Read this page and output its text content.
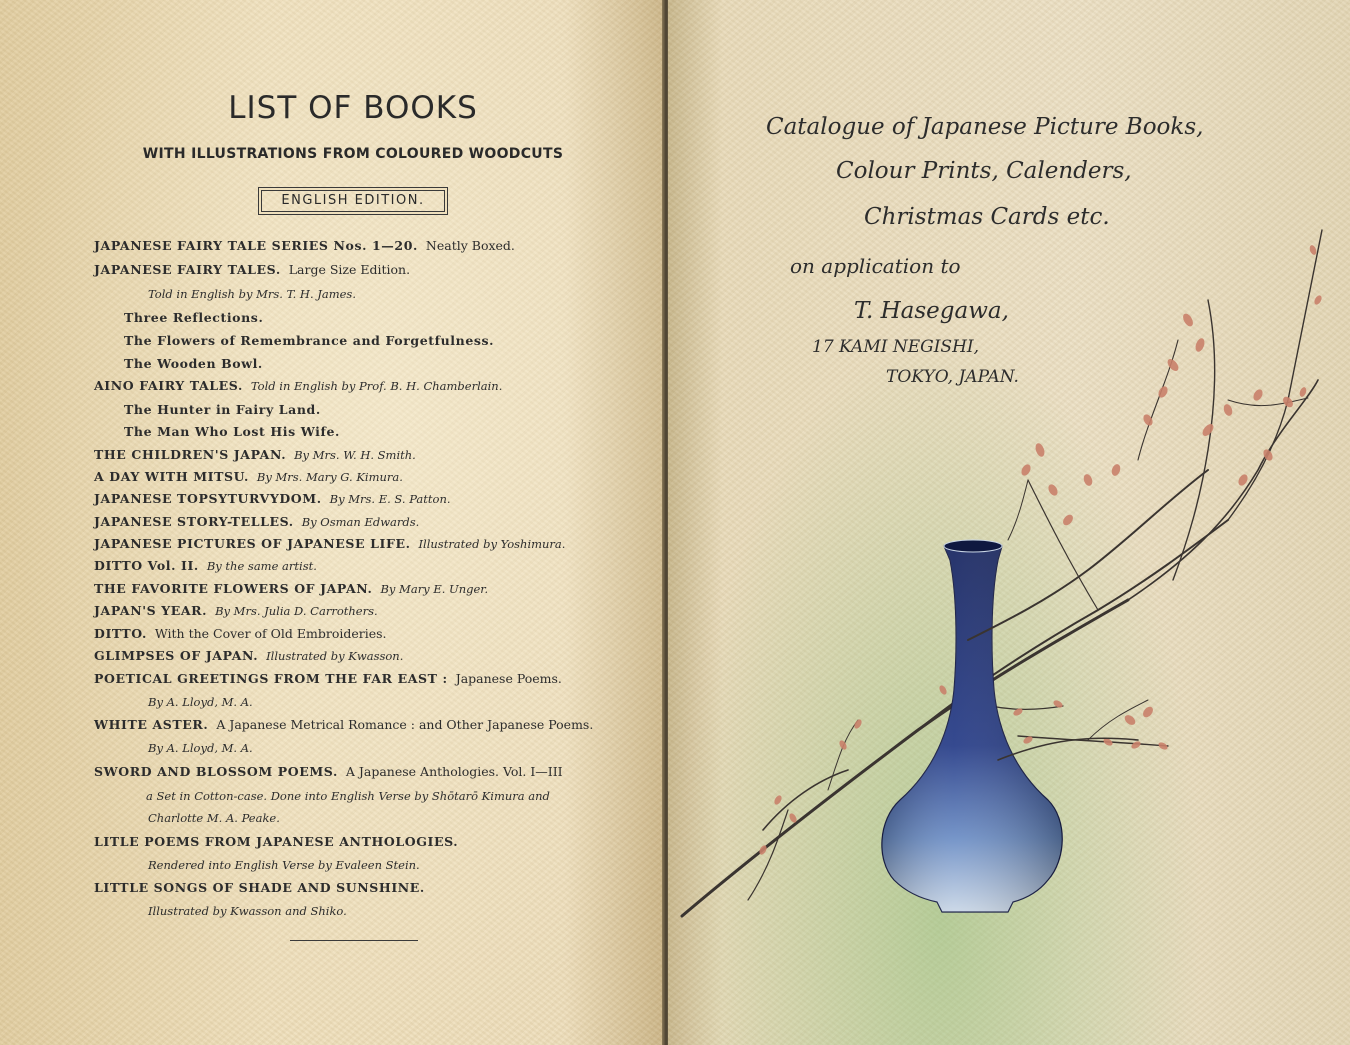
LIST OF BOOKS
WITH ILLUSTRATIONS FROM COLOURED WOODCUTS
ENGLISH EDITION.
JAPANESE FAIRY TALE SERIES Nos. 1—20. Neatly Boxed.
JAPANESE FAIRY TALES. Large Size Edition.
Told in English by Mrs. T. H. James.
Three Reflections.
The Flowers of Remembrance and Forgetfulness.
The Wooden Bowl.
AINO FAIRY TALES. Told in English by Prof. B. H. Chamberlain.
The Hunter in Fairy Land.
The Man Who Lost His Wife.
THE CHILDREN'S JAPAN. By Mrs. W. H. Smith.
A DAY WITH MITSU. By Mrs. Mary G. Kimura.
JAPANESE TOPSYTURVYDOM. By Mrs. E. S. Patton.
JAPANESE STORY-TELLES. By Osman Edwards.
JAPANESE PICTURES OF JAPANESE LIFE. Illustrated by Yoshimura.
DITTO Vol. II. By the same artist.
THE FAVORITE FLOWERS OF JAPAN. By Mary E. Unger.
JAPAN'S YEAR. By Mrs. Julia D. Carrothers.
DITTO. With the Cover of Old Embroideries.
GLIMPSES OF JAPAN. Illustrated by Kwasson.
POETICAL GREETINGS FROM THE FAR EAST : Japanese Poems.
By A. Lloyd, M. A.
WHITE ASTER. A Japanese Metrical Romance : and Other Japanese Poems.
By A. Lloyd, M. A.
SWORD AND BLOSSOM POEMS. A Japanese Anthologies. Vol. I—III
a Set in Cotton-case. Done into English Verse by Shōtarō Kimura and
Charlotte M. A. Peake.
LITLE POEMS FROM JAPANESE ANTHOLOGIES.
Rendered into English Verse by Evaleen Stein.
LITTLE SONGS OF SHADE AND SUNSHINE.
Illustrated by Kwasson and Shiko.
Catalogue of Japanese Picture Books,
Colour Prints, Calenders,
Christmas Cards etc.
on application to
T. Hasegawa,
17 KAMI NEGISHI,
TOKYO, JAPAN.
